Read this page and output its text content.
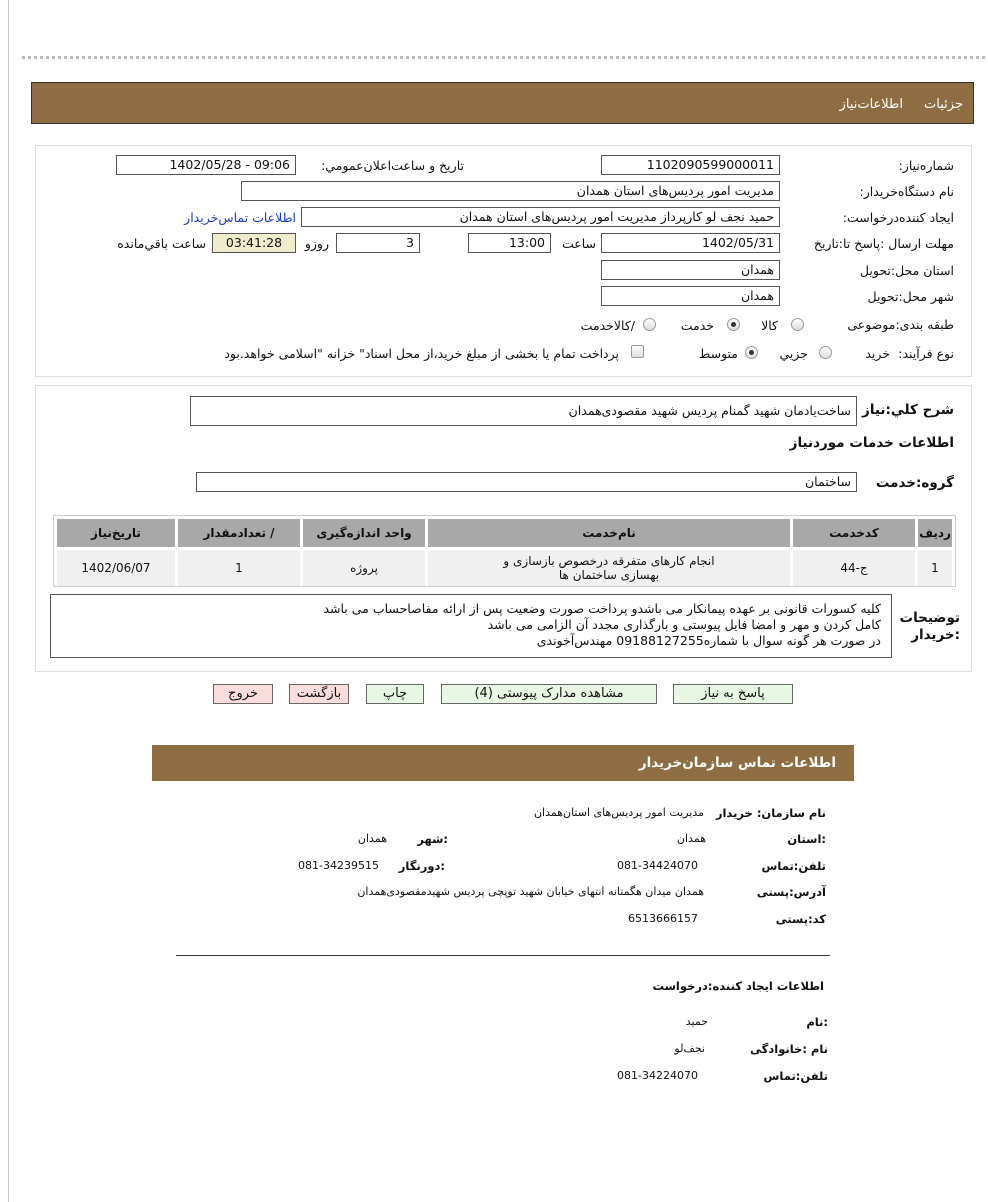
جزئیات
اطلاعات‌نیاز
شماره‌نیاز:
1102090599000011
تاریخ و ساعت‌اعلان‌عمومي:
1402/05/28 - 09:06
نام دستگاه‌خریدار:
مدیریت امور پردیس‌های استان همدان
ایجاد کننده‌درخواست:
حمید نجف لو کارپرداز مدیریت امور پردیس‌های استان همدان
اطلاعات تماس‌خریدار
مهلت ارسال :پاسخ تا:تاریخ
1402/05/31
ساعت
13:00
3
روزو
03:41:28
ساعت باقي‌مانده
استان محل:تحویل
همدان
شهر محل:تحویل
همدان
طبقه بندی:موضوعی
کالا
خدمت
/کالاخدمت
نوع فرآیند:
خرید
جزيي
متوسط
پرداخت تمام یا بخشی از مبلغ خرید،از محل اسناد" خزانه "اسلامی خواهد.بود
شرح کلي:نیاز
ساخت‌یادمان شهید گمنام پردیس شهید مقصودی‌همدان
اطلاعات خدمات موردنیاز
گروه:خدمت
ساختمان
ردیف	کدخدمت	نام‌خدمت	واحد اندازه‌گیری	/ تعدادمقدار	تاریخ‌نیاز
1	ج-44	انجام کارهای متفرقه درخصوص بازسازی و
بهسازی ساختمان ها	پروژه	1	1402/06/07
توضیحات :خریدار
کلیه کسورات قانونی بر عهده پیمانکار می باشدو پرداخت صورت وضعیت پس از ارائه مفاصاحساب می باشد
کامل کردن و مهر و امضا فایل پیوستی و بارگذاری مجدد آن الزامی می باشد
در صورت هر گونه سوال با شماره09188127255 مهندس‌آخوندی
پاسخ به نیاز
مشاهده مدارک پیوستی (4)
چاپ
بازگشت
خروج
اطلاعات تماس سازمان‌خریدار
نام سازمان: خریدار
مدیریت امور پردیس‌های استان‌همدان
:استان
همدان
:شهر
همدان
تلفن:تماس
081-34424070
:دورنگار
081-34239515
آدرس:پستی
همدان میدان هگمتانه انتهای خیابان شهید توپچی پردیس شهیدمقصودی‌همدان
کد:پستی
6513666157
اطلاعات ایجاد کننده:درخواست
:نام
حمید
نام :خانوادگی
نجف‌لو
تلفن:تماس
081-34224070
